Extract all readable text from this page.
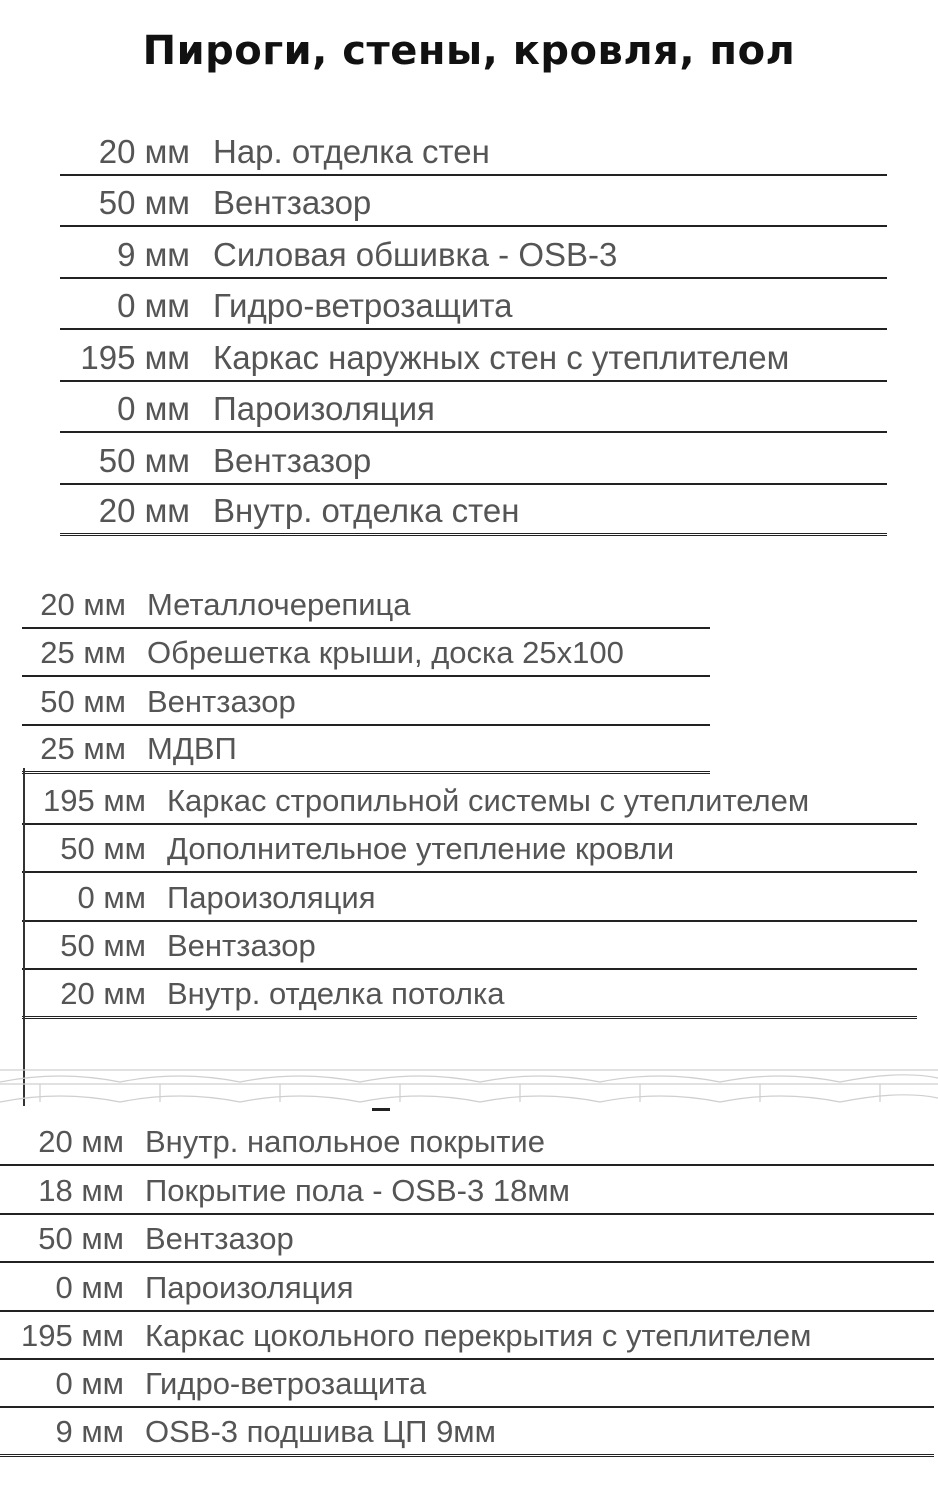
Пироги, стены, кровля, пол
20 мм Нар. отделка стен
50 мм Вентзазор
9 мм Силовая обшивка - OSB-3
0 мм Гидро-ветрозащита
195 мм Каркас наружных стен с утеплителем
0 мм Пароизоляция
50 мм Вентзазор
20 мм Внутр. отделка стен
20 мм Металлочерепица
25 мм Обрешетка крыши, доска 25x100
50 мм Вентзазор
25 мм МДВП
195 мм Каркас стропильной системы с утеплителем
50 мм Дополнительное утепление кровли
0 мм Пароизоляция
50 мм Вентзазор
20 мм Внутр. отделка потолка
20 мм Внутр. напольное покрытие
18 мм Покрытие пола - OSB-3 18мм
50 мм Вентзазор
0 мм Пароизоляция
195 мм Каркас цокольного перекрытия с утеплителем
0 мм Гидро-ветрозащита
9 мм OSB-3 подшива ЦП 9мм
